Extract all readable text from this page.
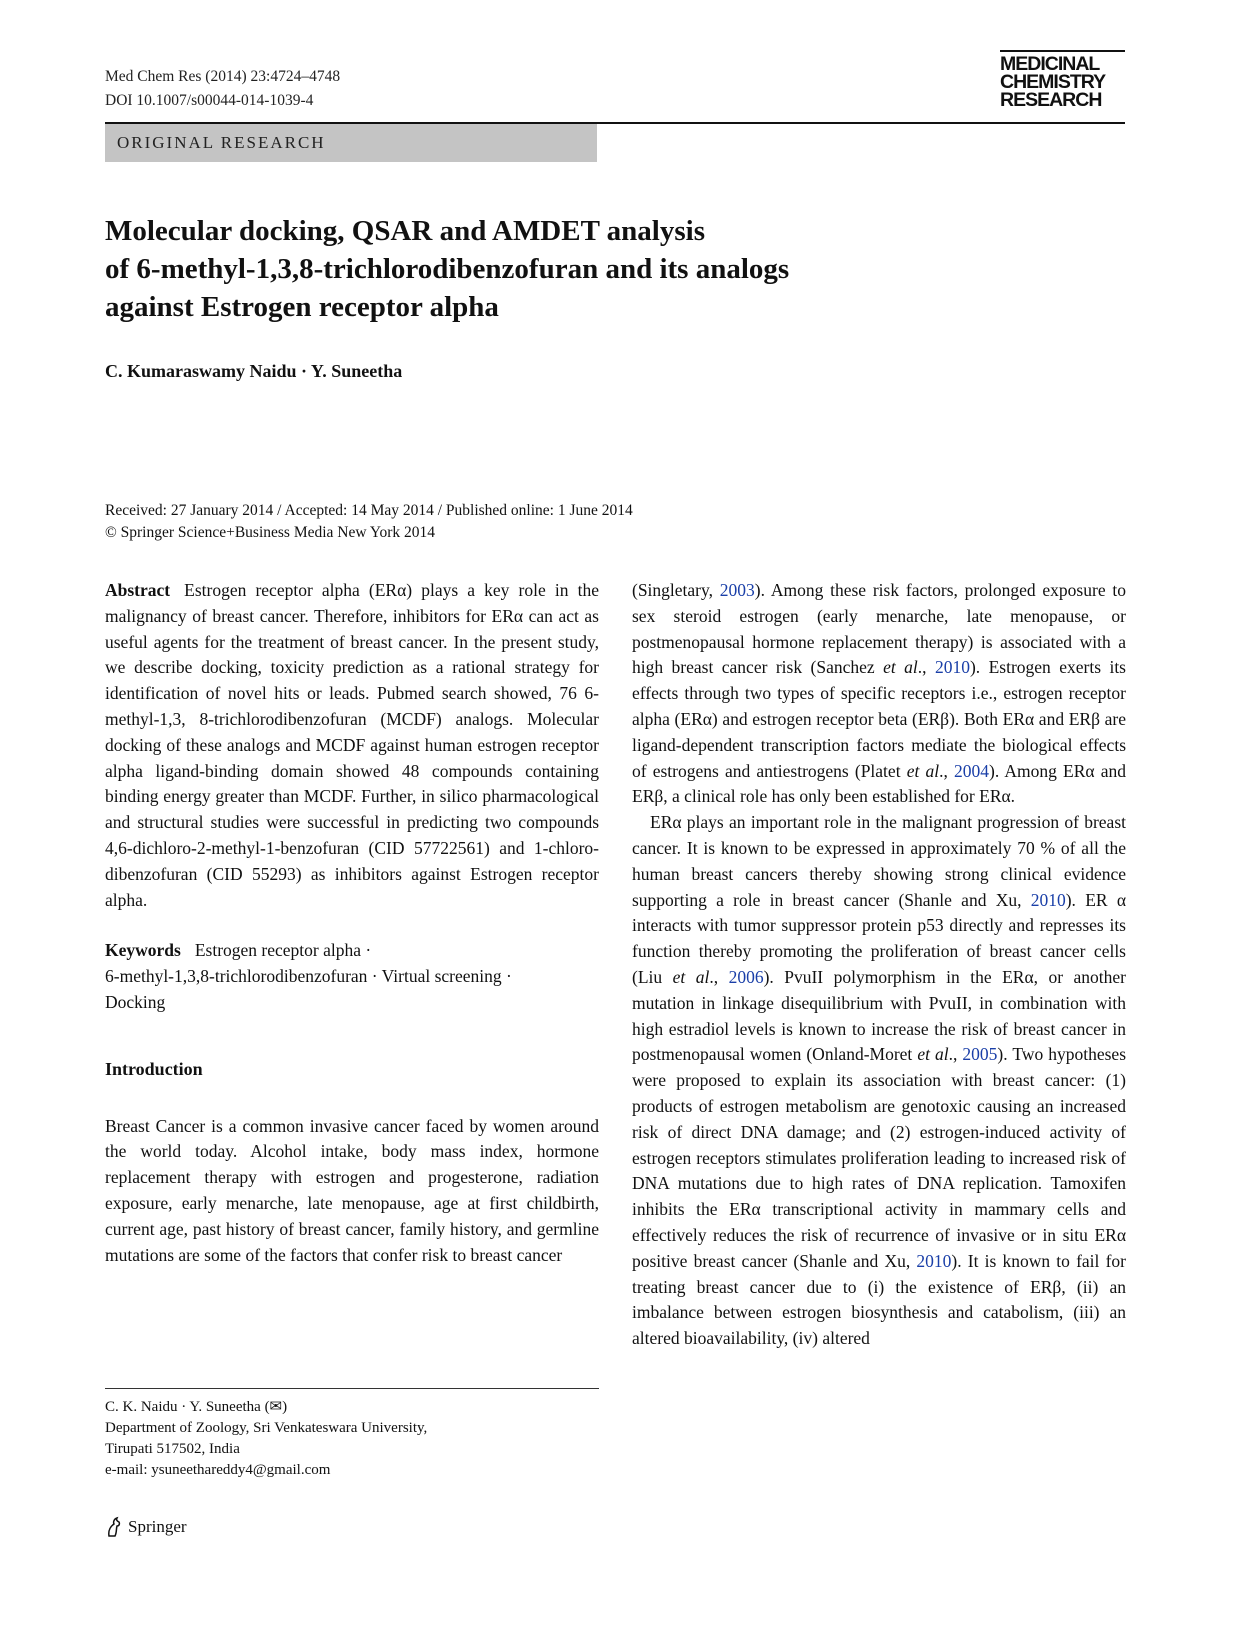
Med Chem Res (2014) 23:4724–4748
DOI 10.1007/s00044-014-1039-4
MEDICINAL
CHEMISTRY
RESEARCH
ORIGINAL RESEARCH
Molecular docking, QSAR and AMDET analysis
of 6-methyl-1,3,8-trichlorodibenzofuran and its analogs
against Estrogen receptor alpha
C. Kumaraswamy Naidu · Y. Suneetha
Received: 27 January 2014 / Accepted: 14 May 2014 / Published online: 1 June 2014
© Springer Science+Business Media New York 2014

Abstract Estrogen receptor alpha (ERα) plays a key role in the malignancy of breast cancer. Therefore, inhibitors for ERα can act as useful agents for the treatment of breast cancer. In the present study, we describe docking, toxicity prediction as a rational strategy for identification of novel hits or leads. Pubmed search showed, 76 6-methyl-1,3, 8-trichlorodibenzofuran (MCDF) analogs. Molecular docking of these analogs and MCDF against human estrogen receptor alpha ligand-binding domain showed 48 compounds containing binding energy greater than MCDF. Further, in silico pharmacological and structural studies were successful in predicting two compounds 4,6-dichloro-2-methyl-1-benzofuran (CID 57722561) and 1-chloro-dibenzofuran (CID 55293) as inhibitors against Estrogen receptor alpha.

Keywords Estrogen receptor alpha ·
6-methyl-1,3,8-trichlorodibenzofuran · Virtual screening ·
Docking

Introduction

Breast Cancer is a common invasive cancer faced by women around the world today. Alcohol intake, body mass index, hormone replacement therapy with estrogen and progesterone, radiation exposure, early menarche, late menopause, age at first childbirth, current age, past history of breast cancer, family history, and germline mutations are some of the factors that confer risk to breast cancer

C. K. Naidu · Y. Suneetha (✉)
Department of Zoology, Sri Venkateswara University,
Tirupati 517502, India
e-mail: ysuneethareddy4@gmail.com

(Singletary, 2003). Among these risk factors, prolonged exposure to sex steroid estrogen (early menarche, late menopause, or postmenopausal hormone replacement therapy) is associated with a high breast cancer risk (Sanchez et al., 2010). Estrogen exerts its effects through two types of specific receptors i.e., estrogen receptor alpha (ERα) and estrogen receptor beta (ERβ). Both ERα and ERβ are ligand-dependent transcription factors mediate the biological effects of estrogens and antiestrogens (Platet et al., 2004). Among ERα and ERβ, a clinical role has only been established for ERα.

ERα plays an important role in the malignant progression of breast cancer. It is known to be expressed in approximately 70 % of all the human breast cancers thereby showing strong clinical evidence supporting a role in breast cancer (Shanle and Xu, 2010). ER α interacts with tumor suppressor protein p53 directly and represses its function thereby promoting the proliferation of breast cancer cells (Liu et al., 2006). PvuII polymorphism in the ERα, or another mutation in linkage disequilibrium with PvuII, in combination with high estradiol levels is known to increase the risk of breast cancer in postmenopausal women (Onland-Moret et al., 2005). Two hypotheses were proposed to explain its association with breast cancer: (1) products of estrogen metabolism are genotoxic causing an increased risk of direct DNA damage; and (2) estrogen-induced activity of estrogen receptors stimulates proliferation leading to increased risk of DNA mutations due to high rates of DNA replication. Tamoxifen inhibits the ERα transcriptional activity in mammary cells and effectively reduces the risk of recurrence of invasive or in situ ERα positive breast cancer (Shanle and Xu, 2010). It is known to fail for treating breast cancer due to (i) the existence of ERβ, (ii) an imbalance between estrogen biosynthesis and catabolism, (iii) an altered bioavailability, (iv) altered

Springer
